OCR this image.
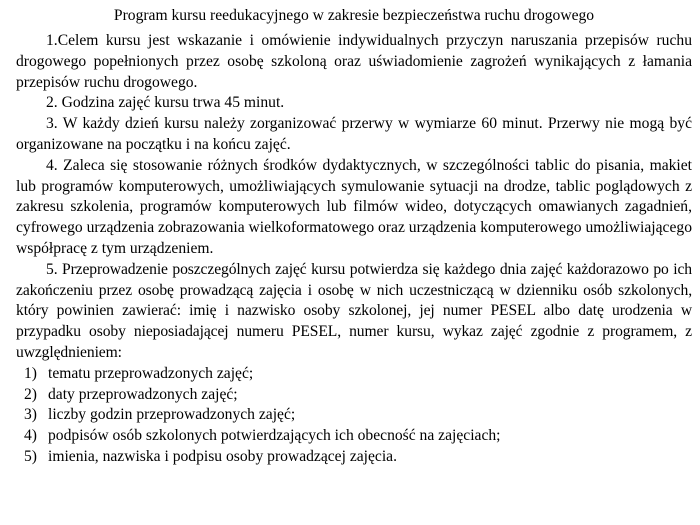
Program kursu reedukacyjnego w zakresie bezpieczeństwa ruchu drogowego

1.Celem kursu jest wskazanie i omówienie indywidualnych przyczyn naruszania przepisów ruchu drogowego popełnionych przez osobę szkoloną oraz uświadomienie zagrożeń wynikających z łamania przepisów ruchu drogowego.

2. Godzina zajęć kursu trwa 45 minut.

3. W każdy dzień kursu należy zorganizować przerwy w wymiarze 60 minut. Przerwy nie mogą być organizowane na początku i na końcu zajęć.

4. Zaleca się stosowanie różnych środków dydaktycznych, w szczególności tablic do pisania, makiet lub programów komputerowych, umożliwiających symulowanie sytuacji na drodze, tablic poglądowych z zakresu szkolenia, programów komputerowych lub filmów wideo, dotyczących omawianych zagadnień, cyfrowego urządzenia zobrazowania wielkoformatowego oraz urządzenia komputerowego umożliwiającego współpracę z tym urządzeniem.

5. Przeprowadzenie poszczególnych zajęć kursu potwierdza się każdego dnia zajęć każdorazowo po ich zakończeniu przez osobę prowadzącą zajęcia i osobę w nich uczestniczącą w dzienniku osób szkolonych, który powinien zawierać: imię i nazwisko osoby szkolonej, jej numer PESEL albo datę urodzenia w przypadku osoby nieposiadającej numeru PESEL, numer kursu, wykaz zajęć zgodnie z programem, z uwzględnieniem:

1) tematu przeprowadzonych zajęć;
2) daty przeprowadzonych zajęć;
3) liczby godzin przeprowadzonych zajęć;
4) podpisów osób szkolonych potwierdzających ich obecność na zajęciach;
5) imienia, nazwiska i podpisu osoby prowadzącej zajęcia.
